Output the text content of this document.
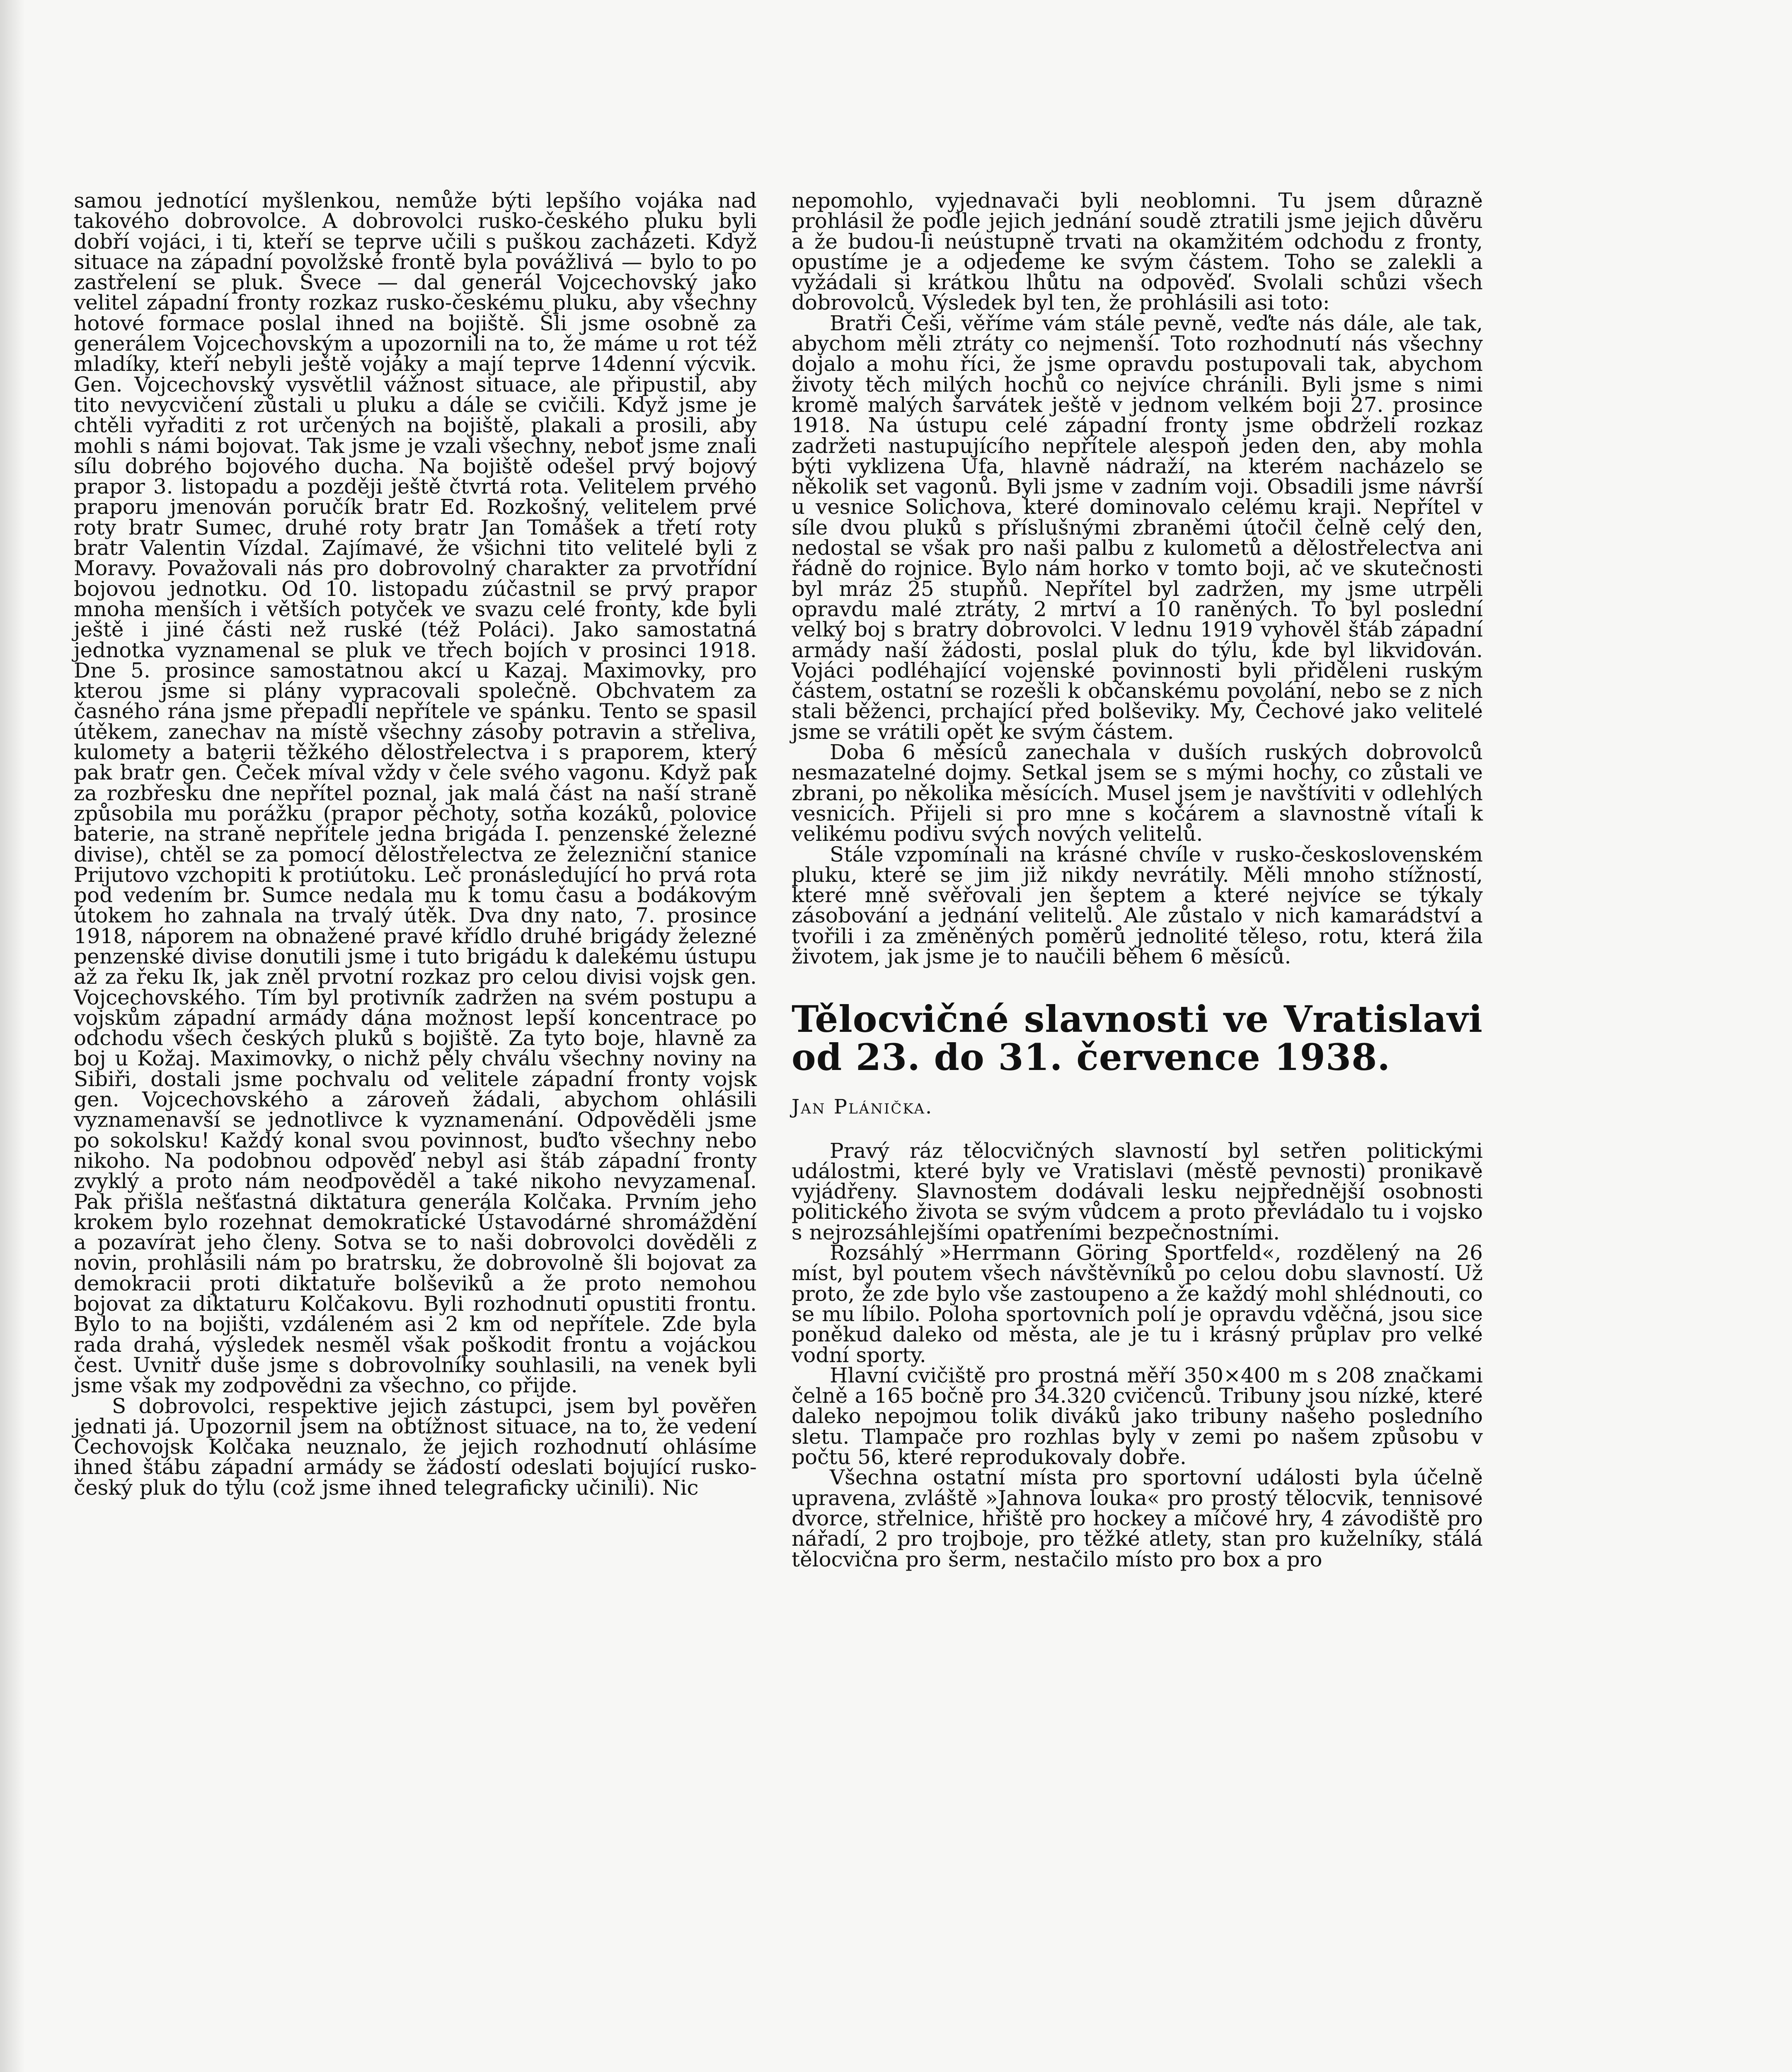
samou jednotící myšlenkou, nemůže býti lepšího vojáka nad takového dobrovolce. A dobrovolci rusko-českého pluku byli dobří vojáci, i ti, kteří se teprve učili s puškou zacházeti. Když situace na západní povolžské frontě byla povážlivá — bylo to po zastřelení se pluk. Švece — dal generál Vojcechovský jako velitel západní fronty rozkaz rusko-českému pluku, aby všechny hotové formace poslal ihned na bojiště. Šli jsme osobně za generálem Vojcechovským a upozornili na to, že máme u rot též mladíky, kteří nebyli ještě vojáky a mají teprve 14denní výcvik. Gen. Vojcechovský vysvětlil vážnost situace, ale připustil, aby tito nevycvičení zůstali u pluku a dále se cvičili. Když jsme je chtěli vyřaditi z rot určených na bojiště, plakali a prosili, aby mohli s námi bojovat. Tak jsme je vzali všechny, neboť jsme znali sílu dobrého bojového ducha. Na bojiště odešel prvý bojový prapor 3. listopadu a později ještě čtvrtá rota. Velitelem prvého praporu jmenován poručík bratr Ed. Rozkošný, velitelem prvé roty bratr Sumec, druhé roty bratr Jan Tomášek a třetí roty bratr Valentin Vízdal. Zajímavé, že všichni tito velitelé byli z Moravy. Považovali nás pro dobrovolný charakter za prvotřídní bojovou jednotku. Od 10. listopadu zúčastnil se prvý prapor mnoha menších i větších potyček ve svazu celé fronty, kde byli ještě i jiné části než ruské (též Poláci). Jako samostatná jednotka vyznamenal se pluk ve třech bojích v prosinci 1918. Dne 5. prosince samostatnou akcí u Kazaj. Maximovky, pro kterou jsme si plány vypracovali společně. Obchvatem za časného rána jsme přepadli nepřítele ve spánku. Tento se spasil útěkem, zanechav na místě všechny zásoby potravin a střeliva, kulomety a baterii těžkého dělostřelectva i s praporem, který pak bratr gen. Čeček míval vždy v čele svého vagonu. Když pak za rozbřesku dne nepřítel poznal, jak malá část na naší straně způsobila mu porážku (prapor pěchoty, sotňa kozáků, polovice baterie, na straně nepřítele jedna brigáda I. penzenské železné divise), chtěl se za pomocí dělostřelectva ze železniční stanice Prijutovo vzchopiti k protiútoku. Leč pronásledující ho prvá rota pod vedením br. Sumce nedala mu k tomu času a bodákovým útokem ho zahnala na trvalý útěk. Dva dny nato, 7. prosince 1918, náporem na obnažené pravé křídlo druhé brigády železné penzenské divise donutili jsme i tuto brigádu k dalekému ústupu až za řeku Ik, jak zněl prvotní rozkaz pro celou divisi vojsk gen. Vojcechovského. Tím byl protivník zadržen na svém postupu a vojskům západní armády dána možnost lepší koncentrace po odchodu všech českých pluků s bojiště. Za tyto boje, hlavně za boj u Kožaj. Maximovky, o nichž pěly chválu všechny noviny na Sibiři, dostali jsme pochvalu od velitele západní fronty vojsk gen. Vojcechovského a zároveň žádali, abychom ohlásili vyznamenavší se jednotlivce k vyznamenání. Odpověděli jsme po sokolsku! Každý konal svou povinnost, buďto všechny nebo nikoho. Na podobnou odpověď nebyl asi štáb západní fronty zvyklý a proto nám neodpověděl a také nikoho nevyzamenal. Pak přišla nešťastná diktatura generála Kolčaka. Prvním jeho krokem bylo rozehnat demokratické Ústavodárné shromáždění a pozavírat jeho členy. Sotva se to naši dobrovolci dověděli z novin, prohlásili nám po bratrsku, že dobrovolně šli bojovat za demokracii proti diktatuře bolševiků a že proto nemohou bojovat za diktaturu Kolčakovu. Byli rozhodnuti opustiti frontu. Bylo to na bojišti, vzdáleném asi 2 km od nepřítele. Zde byla rada drahá, výsledek nesměl však poškodit frontu a vojáckou čest. Uvnitř duše jsme s dobrovolníky souhlasili, na venek byli jsme však my zodpovědni za všechno, co přijde.

S dobrovolci, respektive jejich zástupci, jsem byl pověřen jednati já. Upozornil jsem na obtížnost situace, na to, že vedení Čechovojsk Kolčaka neuznalo, že jejich rozhodnutí ohlásíme ihned štábu západní armády se žádostí odeslati bojující rusko-český pluk do týlu (což jsme ihned telegraficky učinili). Nic

nepomohlo, vyjednavači byli neoblomni. Tu jsem důrazně prohlásil že podle jejich jednání soudě ztratili jsme jejich důvěru a že budou-li neústupně trvati na okamžitém odchodu z fronty, opustíme je a odjedeme ke svým částem. Toho se zalekli a vyžádali si krátkou lhůtu na odpověď. Svolali schůzi všech dobrovolců. Výsledek byl ten, že prohlásili asi toto:

Bratři Češi, věříme vám stále pevně, veďte nás dále, ale tak, abychom měli ztráty co nejmenší. Toto rozhodnutí nás všechny dojalo a mohu říci, že jsme opravdu postupovali tak, abychom životy těch milých hochů co nejvíce chránili. Byli jsme s nimi kromě malých šarvátek ještě v jednom velkém boji 27. prosince 1918. Na ústupu celé západní fronty jsme obdrželi rozkaz zadržeti nastupujícího nepřítele alespoň jeden den, aby mohla býti vyklizena Ufa, hlavně nádraží, na kterém nacházelo se několik set vagonů. Byli jsme v zadním voji. Obsadili jsme návrší u vesnice Solichova, které dominovalo celému kraji. Nepřítel v síle dvou pluků s příslušnými zbraněmi útočil čelně celý den, nedostal se však pro naši palbu z kulometů a dělostřelectva ani řádně do rojnice. Bylo nám horko v tomto boji, ač ve skutečnosti byl mráz 25 stupňů. Nepřítel byl zadržen, my jsme utrpěli opravdu malé ztráty, 2 mrtví a 10 raněných. To byl poslední velký boj s bratry dobrovolci. V lednu 1919 vyhověl štáb západní armády naší žádosti, poslal pluk do týlu, kde byl likvidován. Vojáci podléhající vojenské povinnosti byli přiděleni ruským částem, ostatní se rozešli k občanskému povolání, nebo se z nich stali běženci, prchající před bolševiky. My, Čechové jako velitelé jsme se vrátili opět ke svým částem.

Doba 6 měsíců zanechala v duších ruských dobrovolců nesmazatelné dojmy. Setkal jsem se s mými hochy, co zůstali ve zbrani, po několika měsících. Musel jsem je navštíviti v odlehlých vesnicích. Přijeli si pro mne s kočárem a slavnostně vítali k velikému podivu svých nových velitelů.

Stále vzpomínali na krásné chvíle v rusko-československém pluku, které se jim již nikdy nevrátily. Měli mnoho stížností, které mně svěřovali jen šeptem a které nejvíce se týkaly zásobování a jednání velitelů. Ale zůstalo v nich kamarádství a tvořili i za změněných poměrů jednolité těleso, rotu, která žila životem, jak jsme je to naučili během 6 měsíců.

Tělocvičné slavnosti ve Vratislavi od 23. do 31. července 1938.
Jan Plánička.

Pravý ráz tělocvičných slavností byl setřen politickými událostmi, které byly ve Vratislavi (městě pevnosti) pronikavě vyjádřeny. Slavnostem dodávali lesku nejpřednější osobnosti politického života se svým vůdcem a proto převládalo tu i vojsko s nejrozsáhlejšími opatřeními bezpečnostními.

Rozsáhlý »Herrmann Göring Sportfeld«, rozdělený na 26 míst, byl poutem všech návštěvníků po celou dobu slavností. Už proto, že zde bylo vše zastoupeno a že každý mohl shlédnouti, co se mu líbilo. Poloha sportovních polí je opravdu vděčná, jsou sice poněkud daleko od města, ale je tu i krásný průplav pro velké vodní sporty.

Hlavní cvičiště pro prostná měří 350×400 m s 208 značkami čelně a 165 bočně pro 34.320 cvičenců. Tribuny jsou nízké, které daleko nepojmou tolik diváků jako tribuny našeho posledního sletu. Tlampače pro rozhlas byly v zemi po našem způsobu v počtu 56, které reprodukovaly dobře.

Všechna ostatní místa pro sportovní události byla účelně upravena, zvláště »Jahnova louka« pro prostý tělocvik, tennisové dvorce, střelnice, hřiště pro hockey a míčové hry, 4 závodiště pro nářadí, 2 pro trojboje, pro těžké atlety, stan pro kuželníky, stálá tělocvična pro šerm, nestačilo místo pro box a pro
